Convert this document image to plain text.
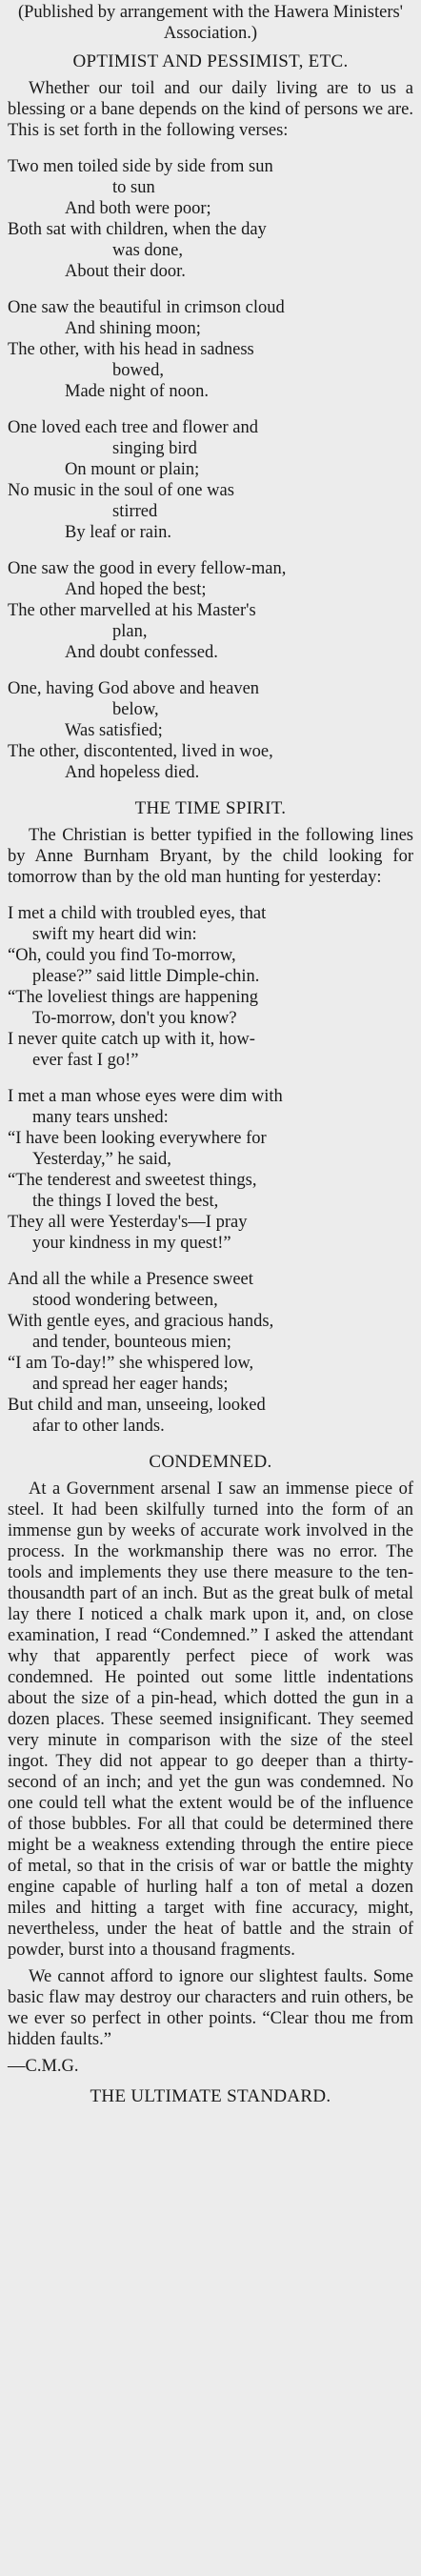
(Published by arrangement with the Hawera Ministers' Association.)

OPTIMIST AND PESSIMIST, ETC.

Whether our toil and our daily living are to us a blessing or a bane depends on the kind of persons we are. This is set forth in the following verses:

Two men toiled side by side from sun
to sun
And both were poor;
Both sat with children, when the day
was done,
About their door.
One saw the beautiful in crimson cloud
And shining moon;
The other, with his head in sadness
bowed,
Made night of noon.
One loved each tree and flower and
singing bird
On mount or plain;
No music in the soul of one was
stirred
By leaf or rain.
One saw the good in every fellow-man,
And hoped the best;
The other marvelled at his Master's
plan,
And doubt confessed.
One, having God above and heaven
below,
Was satisfied;
The other, discontented, lived in woe,
And hopeless died.
THE TIME SPIRIT.

The Christian is better typified in the following lines by Anne Burnham Bryant, by the child looking for tomorrow than by the old man hunting for yesterday:

I met a child with troubled eyes, that
swift my heart did win:
“Oh, could you find To-morrow,
please?” said little Dimple-chin.
“The loveliest things are happening
To-morrow, don't you know?
I never quite catch up with it, how-
ever fast I go!”
I met a man whose eyes were dim with
many tears unshed:
“I have been looking everywhere for
Yesterday,” he said,
“The tenderest and sweetest things,
the things I loved the best,
They all were Yesterday's—I pray
your kindness in my quest!”
And all the while a Presence sweet
stood wondering between,
With gentle eyes, and gracious hands,
and tender, bounteous mien;
“I am To-day!” she whispered low,
and spread her eager hands;
But child and man, unseeing, looked
afar to other lands.
CONDEMNED.

At a Government arsenal I saw an immense piece of steel. It had been skilfully turned into the form of an immense gun by weeks of accurate work involved in the process. In the workmanship there was no error. The tools and implements they use there measure to the ten-thousandth part of an inch. But as the great bulk of metal lay there I noticed a chalk mark upon it, and, on close examination, I read “Condemned.” I asked the attendant why that apparently perfect piece of work was condemned. He pointed out some little indentations about the size of a pin-head, which dotted the gun in a dozen places. These seemed insignificant. They seemed very minute in comparison with the size of the steel ingot. They did not appear to go deeper than a thirty-second of an inch; and yet the gun was condemned. No one could tell what the extent would be of the influence of those bubbles. For all that could be determined there might be a weakness extending through the entire piece of metal, so that in the crisis of war or battle the mighty engine capable of hurling half a ton of metal a dozen miles and hitting a target with fine accuracy, might, nevertheless, under the heat of battle and the strain of powder, burst into a thousand fragments.

We cannot afford to ignore our slightest faults. Some basic flaw may destroy our characters and ruin others, be we ever so perfect in other points. “Clear thou me from hidden faults.”

—C.M.G.

THE ULTIMATE STANDARD.
